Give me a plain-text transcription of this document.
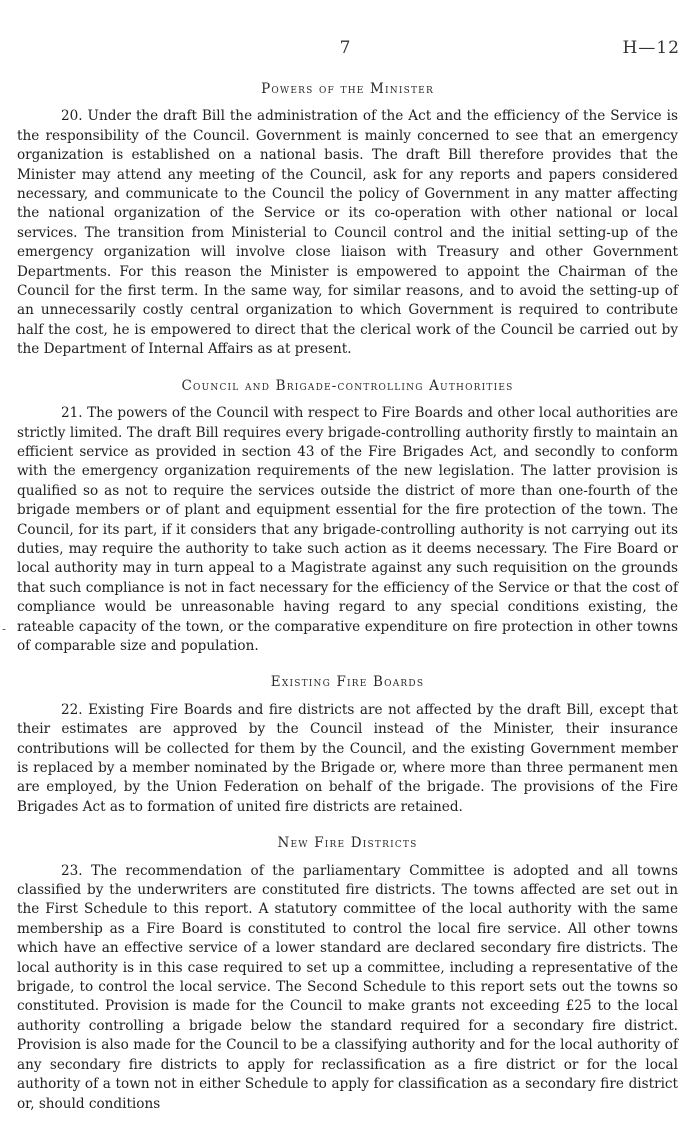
7	H—12
-
Powers of the Minister

20. Under the draft Bill the administration of the Act and the efficiency of the Service is the responsibility of the Council. Government is mainly concerned to see that an emergency organization is established on a national basis. The draft Bill therefore provides that the Minister may attend any meeting of the Council, ask for any reports and papers considered necessary, and communicate to the Council the policy of Government in any matter affecting the national organization of the Service or its co-operation with other national or local services. The transition from Ministerial to Council control and the initial setting-up of the emergency organization will involve close liaison with Treasury and other Government Departments. For this reason the Minister is empowered to appoint the Chairman of the Council for the first term. In the same way, for similar reasons, and to avoid the setting-up of an unnecessarily costly central organization to which Government is required to contribute half the cost, he is empowered to direct that the clerical work of the Council be carried out by the Department of Internal Affairs as at present.

Council and Brigade-controlling Authorities

21. The powers of the Council with respect to Fire Boards and other local authorities are strictly limited. The draft Bill requires every brigade-controlling authority firstly to maintain an efficient service as provided in section 43 of the Fire Brigades Act, and secondly to conform with the emergency organization requirements of the new legislation. The latter provision is qualified so as not to require the services outside the district of more than one-fourth of the brigade members or of plant and equipment essential for the fire protection of the town. The Council, for its part, if it considers that any brigade-controlling authority is not carrying out its duties, may require the authority to take such action as it deems necessary. The Fire Board or local authority may in turn appeal to a Magistrate against any such requisition on the grounds that such compliance is not in fact necessary for the efficiency of the Service or that the cost of compliance would be unreasonable having regard to any special conditions existing, the rateable capacity of the town, or the comparative expenditure on fire protection in other towns of comparable size and population.

Existing Fire Boards

22. Existing Fire Boards and fire districts are not affected by the draft Bill, except that their estimates are approved by the Council instead of the Minister, their insurance contributions will be collected for them by the Council, and the existing Government member is replaced by a member nominated by the Brigade or, where more than three permanent men are employed, by the Union Federation on behalf of the brigade. The provisions of the Fire Brigades Act as to formation of united fire districts are retained.

New Fire Districts

23. The recommendation of the parliamentary Committee is adopted and all towns classified by the underwriters are constituted fire districts. The towns affected are set out in the First Schedule to this report. A statutory committee of the local authority with the same membership as a Fire Board is constituted to control the local fire service. All other towns which have an effective service of a lower standard are declared secondary fire districts. The local authority is in this case required to set up a committee, including a representative of the brigade, to control the local service. The Second Schedule to this report sets out the towns so constituted. Provision is made for the Council to make grants not exceeding £25 to the local authority controlling a brigade below the standard required for a secondary fire district. Provision is also made for the Council to be a classifying authority and for the local authority of any secondary fire districts to apply for reclassification as a fire district or for the local authority of a town not in either Schedule to apply for classification as a secondary fire district or, should conditions
